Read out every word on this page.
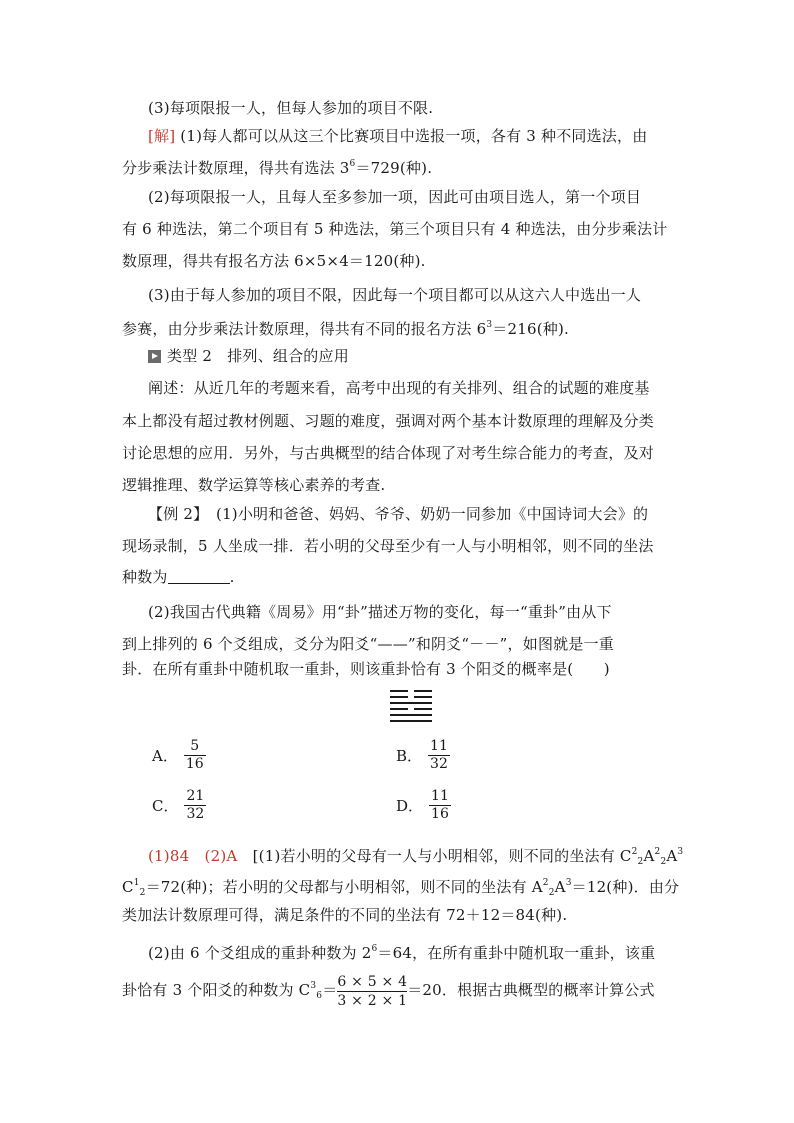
(3)每项限报一人，但每人参加的项目不限.
[解] (1)每人都可以从这三个比赛项目中选报一项，各有 3 种不同选法，由
分步乘法计数原理，得共有选法 $3^6=729$(种).
(2)每项限报一人，且每人至多参加一项，因此可由项目选人，第一个项目
有 6 种选法，第二个项目有 5 种选法，第三个项目只有 4 种选法，由分步乘法计
数原理，得共有报名方法 6×5×4＝120(种).
(3)由于每人参加的项目不限，因此每一个项目都可以从这六人中选出一人
参赛，由分步乘法计数原理，得共有不同的报名方法 $6^3=216$(种).
类型 2　排列、组合的应用
阐述：从近几年的考题来看，高考中出现的有关排列、组合的试题的难度基
本上都没有超过教材例题、习题的难度，强调对两个基本计数原理的理解及分类
讨论思想的应用．另外，与古典概型的结合体现了对考生综合能力的考查，及对
逻辑推理、数学运算等核心素养的考查.
【例 2】　(1)小明和爸爸、妈妈、爷爷、奶奶一同参加《中国诗词大会》的
现场录制，5 人坐成一排．若小明的父母至少有一人与小明相邻，则不同的坐法
种数为	.
(2)我国古代典籍《周易》用“卦”描述万物的变化，每一“重卦”由从下
到上排列的 6 个爻组成，爻分为阳爻“——”和阴爻“－－”，如图就是一重
卦．在所有重卦中随机取一重卦，则该重卦恰有 3 个阳爻的概率是(　　)
A． $\frac{5}{16}$	B． $\frac{11}{32}$
C． $\frac{21}{32}$	D． $\frac{11}{16}$
(1)84　(2)A　 [(1)若小明的父母有一人与小明相邻，则不同的坐法有 $C^2_2A^2_2A^3$
$C^1_2=72$(种)；若小明的父母都与小明相邻，则不同的坐法有 $A^2_2A^3=12$(种)．由分
类加法计数原理可得，满足条件的不同的坐法有 72＋12＝84(种).
(2)由 6 个爻组成的重卦种数为 $2^6=64$，在所有重卦中随机取一重卦，该重
卦恰有 3 个阳爻的种数为 $C^3_6= \frac{6 \times 5 \times 4}{3 \times 2 \times 1} =20$．根据古典概型的概率计算公式
